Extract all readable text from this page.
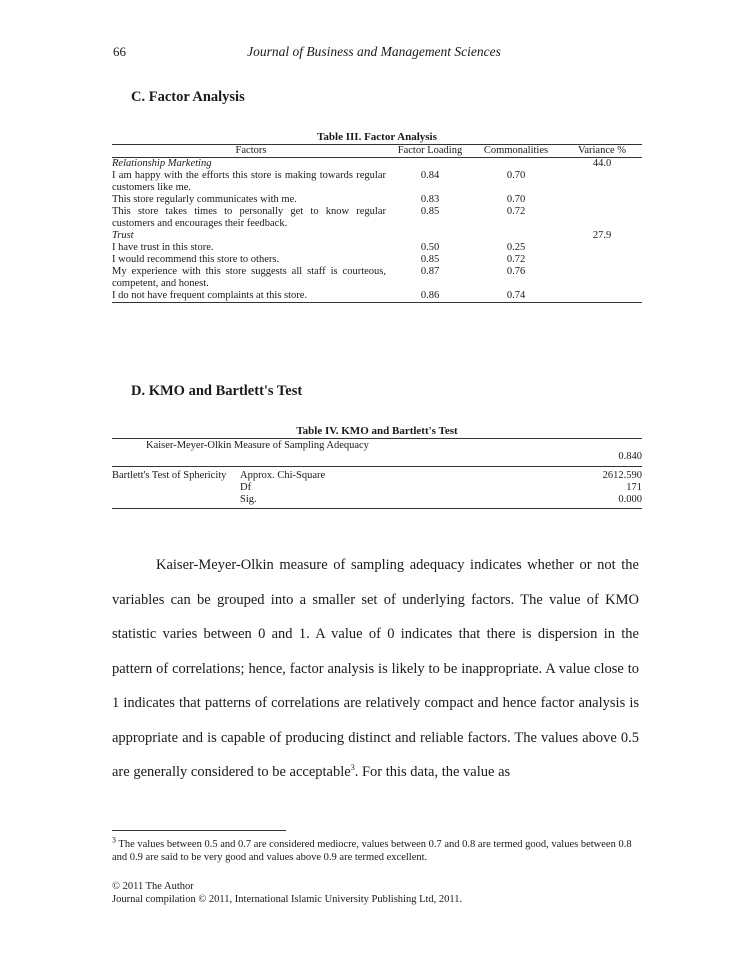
66	Journal of Business and Management Sciences
C. Factor Analysis
Table III. Factor Analysis
Factors	Factor Loading	Commonalities	Variance %
Relationship Marketing			44.0
I am happy with the efforts this store is making towards regular customers like me.	0.84	0.70	
This store regularly communicates with me.	0.83	0.70	
This store takes times to personally get to know regular customers and encourages their feedback.	0.85	0.72	
Trust			27.9
I have trust in this store.	0.50	0.25	
I would recommend this store to others.	0.85	0.72	
My experience with this store suggests all staff is courteous, competent, and honest.	0.87	0.76	
I do not have frequent complaints at this store.	0.86	0.74	
D. KMO and Bartlett's Test
Table IV. KMO and Bartlett's Test
Kaiser-Meyer-Olkin Measure of Sampling Adequacy		0.840
Bartlett's Test of Sphericity	Approx. Chi-Square	2612.590
	Df	171
	Sig.	0.000

Kaiser-Meyer-Olkin measure of sampling adequacy indicates whether or not the variables can be grouped into a smaller set of underlying factors. The value of KMO statistic varies between 0 and 1. A value of 0 indicates that there is dispersion in the pattern of correlations; hence, factor analysis is likely to be inappropriate. A value close to 1 indicates that patterns of correlations are relatively compact and hence factor analysis is appropriate and is capable of producing distinct and reliable factors. The values above 0.5 are generally considered to be acceptable$^3$. For this data, the value as

$^3$ The values between 0.5 and 0.7 are considered mediocre, values between 0.7 and 0.8 are termed good, values between 0.8 and 0.9 are said to be very good and values above 0.9 are termed excellent.
© 2011 The Author
Journal compilation © 2011, International Islamic University Publishing Ltd, 2011.
